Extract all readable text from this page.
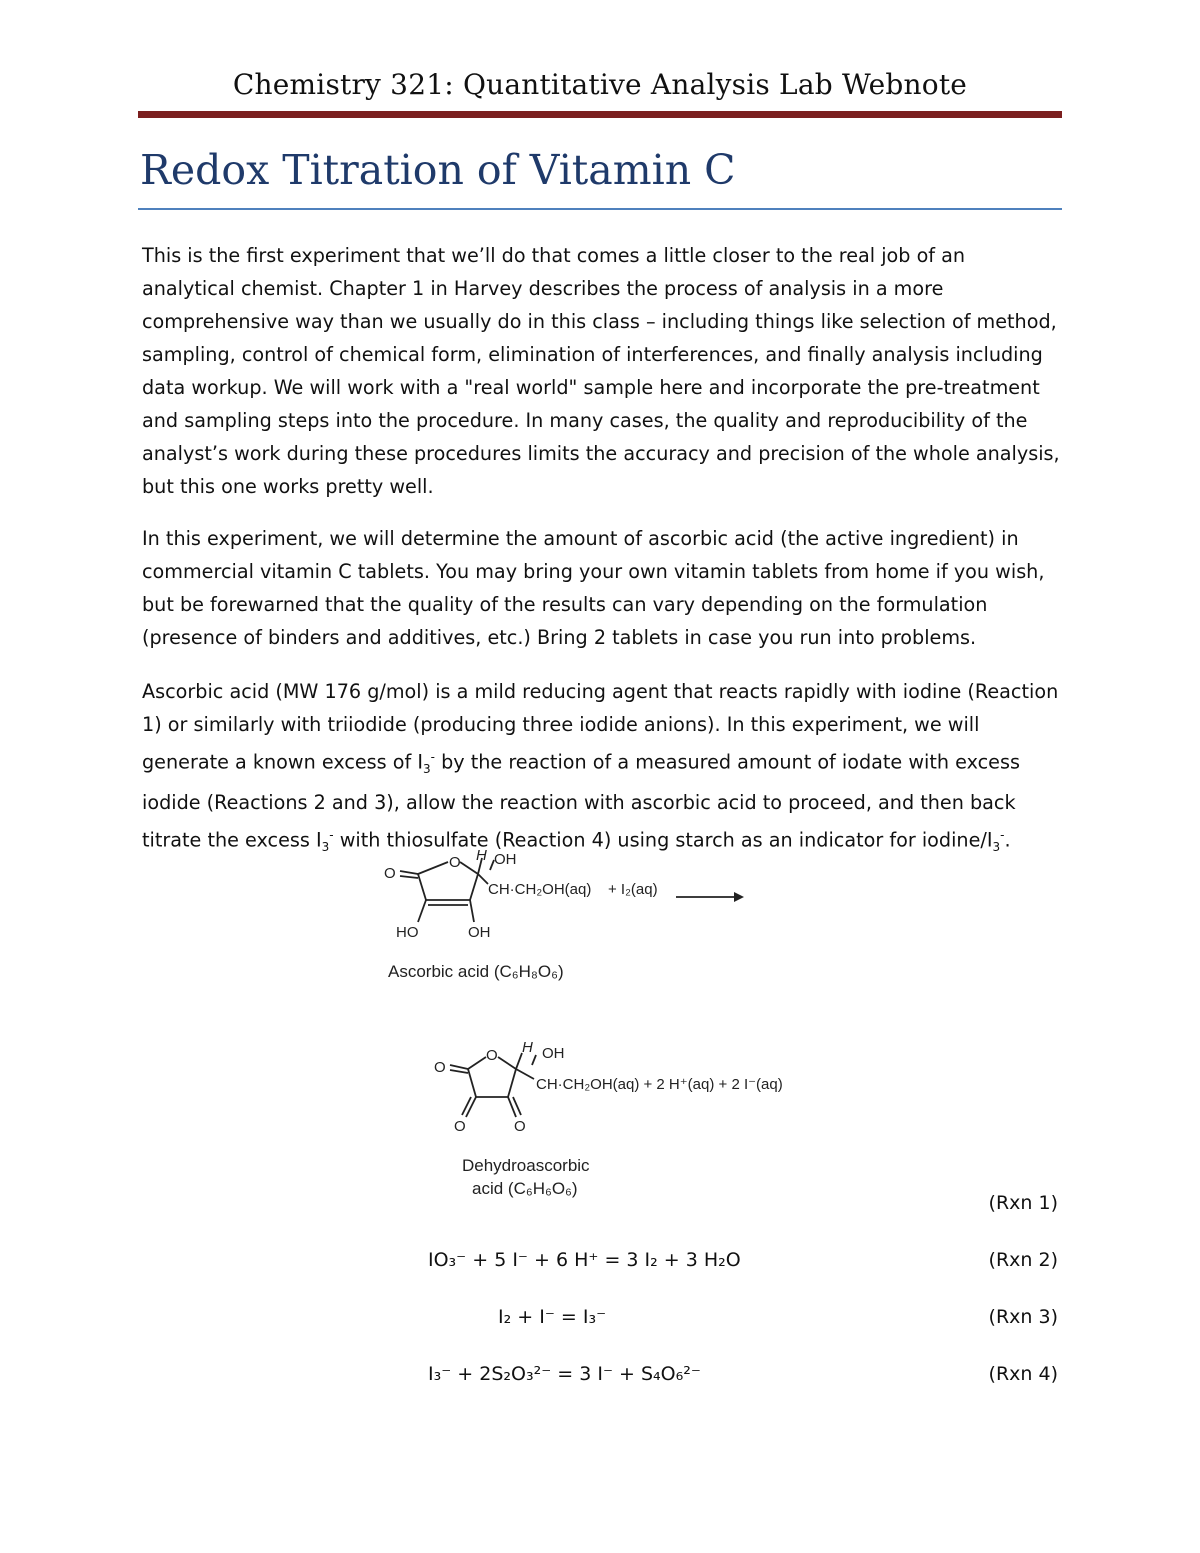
Chemistry 321: Quantitative Analysis Lab Webnote
Redox Titration of Vitamin C

This is the first experiment that we’ll do that comes a little closer to the real job of an analytical chemist. Chapter 1 in Harvey describes the process of analysis in a more comprehensive way than we usually do in this class – including things like selection of method, sampling, control of chemical form, elimination of interferences, and finally analysis including data workup. We will work with a "real world" sample here and incorporate the pre-treatment and sampling steps into the procedure. In many cases, the quality and reproducibility of the analyst’s work during these procedures limits the accuracy and precision of the whole analysis, but this one works pretty well.

In this experiment, we will determine the amount of ascorbic acid (the active ingredient) in commercial vitamin C tablets. You may bring your own vitamin tablets from home if you wish, but be forewarned that the quality of the results can vary depending on the formulation (presence of binders and additives, etc.) Bring 2 tablets in case you run into problems.

Ascorbic acid (MW 176 g/mol) is a mild reducing agent that reacts rapidly with iodine (Reaction 1) or similarly with triiodide (producing three iodide anions). In this experiment, we will generate a known excess of $I_3^-$ by the reaction of a measured amount of iodate with excess iodide (Reactions 2 and 3), allow the reaction with ascorbic acid to proceed, and then back titrate the excess $I_3^-$ with thiosulfate (Reaction 4) using starch as an indicator for iodine/$I_3^-$.

O
O H OH
CH·CH₂OH(aq) + I₂(aq)
HO	OH
Ascorbic acid (C₆H₈O₆)
O
O H OH
CH·CH₂OH(aq) + 2 H⁺(aq) + 2 I⁻(aq)
O	O
Dehydroascorbic
acid (C₆H₆O₆)
(Rxn 1)
IO₃⁻ + 5 I⁻ + 6 H⁺ = 3 I₂ + 3 H₂O	(Rxn 2)
I₂ + I⁻ = I₃⁻	(Rxn 3)
I₃⁻ + 2S₂O₃²⁻ = 3 I⁻ + S₄O₆²⁻	(Rxn 4)
